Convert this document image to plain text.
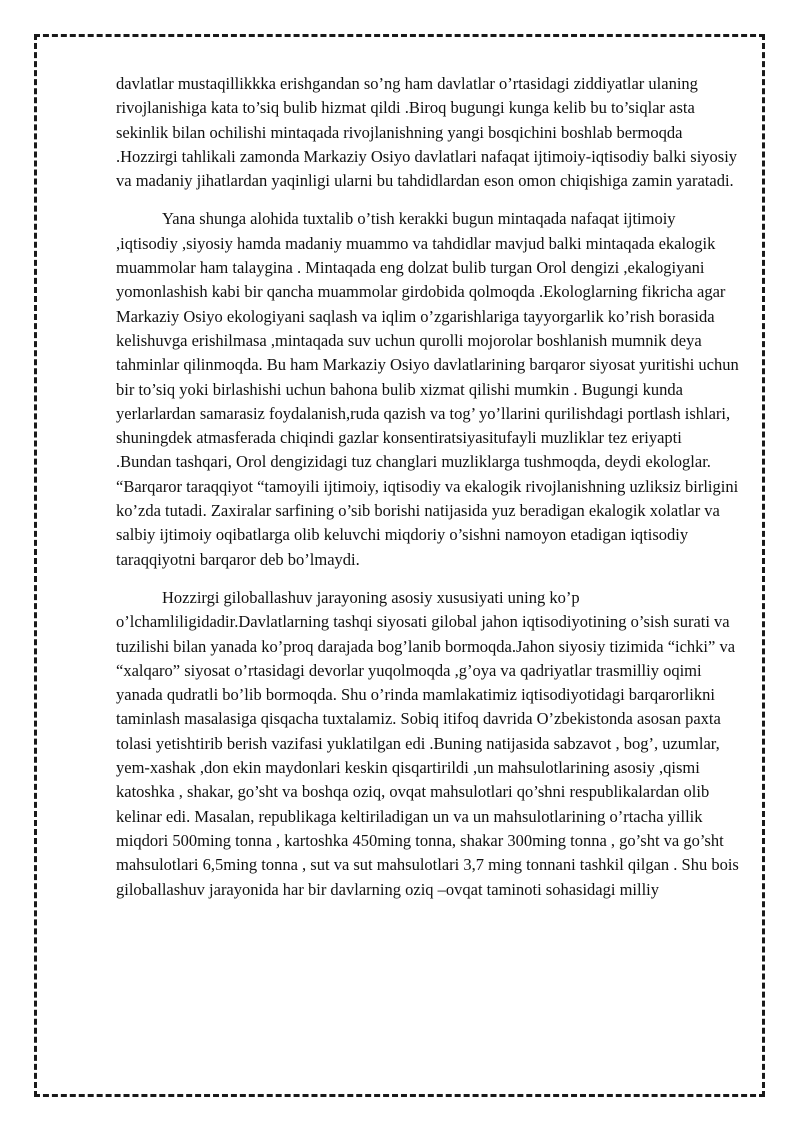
davlatlar mustaqillikkka erishgandan so’ng ham davlatlar o’rtasidagi ziddiyatlar ulaning rivojlanishiga kata to’siq bulib hizmat qildi .Biroq bugungi kunga kelib bu to’siqlar asta sekinlik bilan ochilishi mintaqada rivojlanishning yangi bosqichini boshlab bermoqda .Hozzirgi tahlikali zamonda Markaziy Osiyo davlatlari nafaqat ijtimoiy-iqtisodiy balki siyosiy va madaniy jihatlardan yaqinligi ularni bu tahdidlardan eson omon chiqishiga zamin yaratadi.

Yana shunga alohida tuxtalib o’tish kerakki bugun mintaqada nafaqat ijtimoiy ,iqtisodiy ,siyosiy hamda madaniy muammo va tahdidlar mavjud balki mintaqada ekalogik muammolar ham talaygina . Mintaqada eng dolzat bulib turgan Orol dengizi ,ekalogiyani yomonlashish kabi bir qancha muammolar girdobida qolmoqda .Ekologlarning fikricha agar Markaziy Osiyo ekologiyani saqlash va iqlim o’zgarishlariga tayyorgarlik ko’rish borasida kelishuvga erishilmasa ,mintaqada suv uchun qurolli mojorolar boshlanish mumnik deya tahminlar qilinmoqda. Bu ham Markaziy Osiyo davlatlarining barqaror siyosat yuritishi uchun bir to’siq yoki birlashishi uchun bahona bulib xizmat qilishi mumkin . Bugungi kunda yerlarlardan samarasiz foydalanish,ruda qazish va tog’ yo’llarini qurilishdagi portlash ishlari, shuningdek atmasferada chiqindi gazlar konsentiratsiyasitufayli muzliklar tez eriyapti .Bundan tashqari, Orol dengizidagi tuz changlari muzliklarga tushmoqda, deydi ekologlar. “Barqaror taraqqiyot “tamoyili ijtimoiy, iqtisodiy va ekalogik rivojlanishning uzliksiz birligini ko’zda tutadi. Zaxiralar sarfining o’sib borishi natijasida yuz beradigan ekalogik xolatlar va salbiy ijtimoiy oqibatlarga olib keluvchi miqdoriy o’sishni namoyon etadigan iqtisodiy taraqqiyotni barqaror deb bo’lmaydi.

Hozzirgi giloballashuv jarayoning asosiy xususiyati uning ko’p o’lchamliligidadir.Davlatlarning tashqi siyosati gilobal jahon iqtisodiyotining o’sish surati va tuzilishi bilan yanada ko’proq darajada bog’lanib bormoqda.Jahon siyosiy tizimida “ichki” va “xalqaro” siyosat o’rtasidagi devorlar yuqolmoqda ,g’oya va qadriyatlar trasmilliy oqimi yanada qudratli bo’lib bormoqda. Shu o’rinda mamlakatimiz iqtisodiyotidagi barqarorlikni taminlash masalasiga qisqacha tuxtalamiz. Sobiq itifoq davrida O’zbekistonda asosan paxta tolasi yetishtirib berish vazifasi yuklatilgan edi .Buning natijasida sabzavot , bog’, uzumlar, yem-xashak ,don ekin maydonlari keskin qisqartirildi ,un mahsulotlarining asosiy ,qismi katoshka , shakar, go’sht va boshqa oziq, ovqat mahsulotlari qo’shni respublikalardan olib kelinar edi. Masalan, republikaga keltiriladigan un va un mahsulotlarining o’rtacha yillik miqdori 500ming tonna , kartoshka 450ming tonna, shakar 300ming tonna , go’sht va go’sht mahsulotlari 6,5ming tonna , sut va sut mahsulotlari 3,7 ming tonnani tashkil qilgan . Shu bois giloballashuv jarayonida har bir davlarning oziq –ovqat taminoti sohasidagi milliy
